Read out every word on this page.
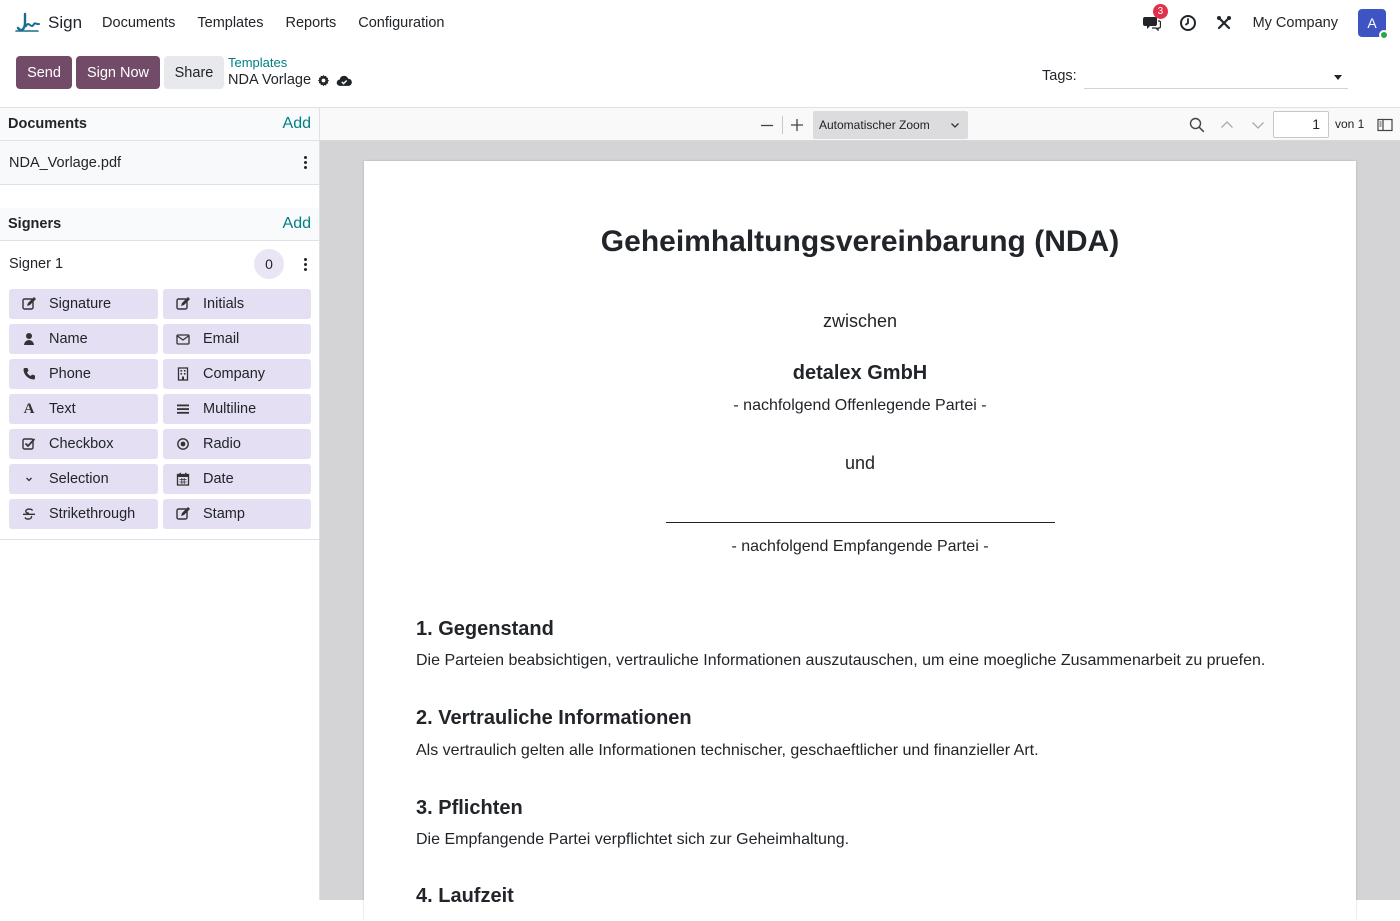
Sign Documents Templates Reports Configuration
3
My Company A
Send	Sign Now	Share
Templates
NDA Vorlage	Tags:
Documents	Add
NDA_Vorlage.pdf
Signers	Add
Signer 1	0
Signature	Initials
Name	Email
Phone	Company
A Text	Multiline
Checkbox	Radio
Selection	Date
Strikethrough	Stamp
Automatischer Zoom	1	von 1
Geheimhaltungsvereinbarung (NDA)
zwischen
detalex GmbH
- nachfolgend Offenlegende Partei -
und
- nachfolgend Empfangende Partei -
1. Gegenstand
Die Parteien beabsichtigen, vertrauliche Informationen auszutauschen, um eine moegliche Zusammenarbeit zu pruefen.
2. Vertrauliche Informationen
Als vertraulich gelten alle Informationen technischer, geschaeftlicher und finanzieller Art.
3. Pflichten
Die Empfangende Partei verpflichtet sich zur Geheimhaltung.
4. Laufzeit
